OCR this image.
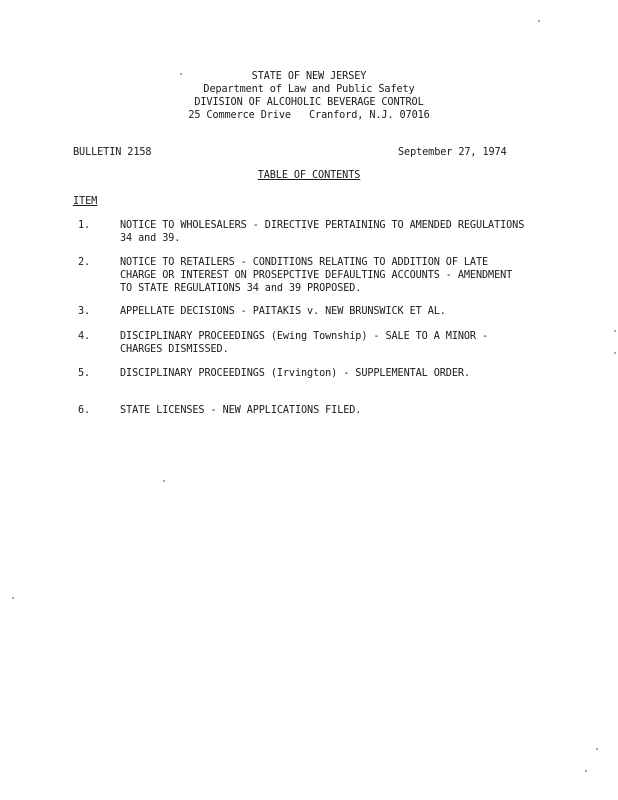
STATE OF NEW JERSEY
Department of Law and Public Safety
DIVISION OF ALCOHOLIC BEVERAGE CONTROL
25 Commerce Drive   Cranford, N.J. 07016
BULLETIN 2158	September 27, 1974
TABLE OF CONTENTS
ITEM
1.	NOTICE TO WHOLESALERS - DIRECTIVE PERTAINING TO AMENDED REGULATIONS
34 and 39.
2.	NOTICE TO RETAILERS - CONDITIONS RELATING TO ADDITION OF LATE
CHARGE OR INTEREST ON PROSEPCTIVE DEFAULTING ACCOUNTS - AMENDMENT
TO STATE REGULATIONS 34 and 39 PROPOSED.
3.	APPELLATE DECISIONS - PAITAKIS v. NEW BRUNSWICK ET AL.
4.	DISCIPLINARY PROCEEDINGS (Ewing Township) - SALE TO A MINOR -
CHARGES DISMISSED.
5.	DISCIPLINARY PROCEEDINGS (Irvington) - SUPPLEMENTAL ORDER.
6.	STATE LICENSES - NEW APPLICATIONS FILED.
